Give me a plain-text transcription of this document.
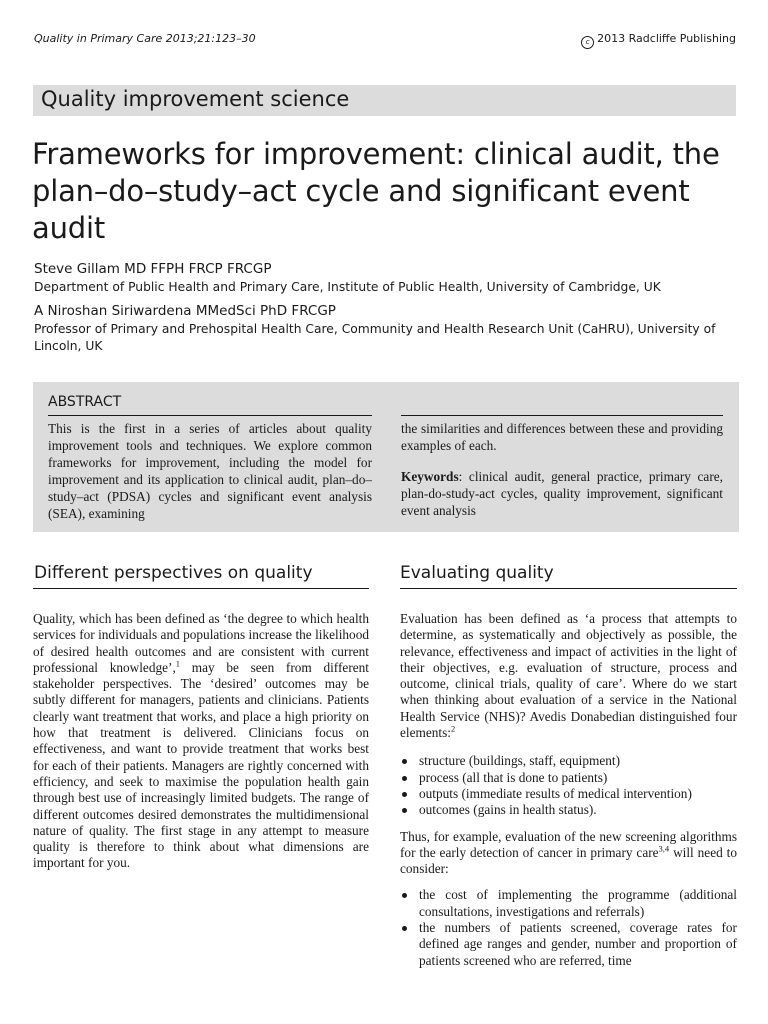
Quality in Primary Care 2013;21:123–30	c 2013 Radcliffe Publishing
Quality improvement science
Frameworks for improvement: clinical audit, the plan–do–study–act cycle and significant event audit
Steve Gillam MD FFPH FRCP FRCGP
Department of Public Health and Primary Care, Institute of Public Health, University of Cambridge, UK
A Niroshan Siriwardena MMedSci PhD FRCGP
Professor of Primary and Prehospital Health Care, Community and Health Research Unit (CaHRU), University of Lincoln, UK
ABSTRACT
This is the first in a series of articles about quality improvement tools and techniques. We explore common frameworks for improvement, including the model for improvement and its application to clinical audit, plan–do–study–act (PDSA) cycles and significant event analysis (SEA), examining
the similarities and differences between these and providing examples of each.
Keywords: clinical audit, general practice, primary care, plan-do-study-act cycles, quality improvement, significant event analysis
Different perspectives on quality

Quality, which has been defined as ‘the degree to which health services for individuals and populations increase the likelihood of desired health outcomes and are consistent with current professional knowledge’,$^1$ may be seen from different stakeholder perspectives. The ‘desired’ outcomes may be subtly different for managers, patients and clinicians. Patients clearly want treatment that works, and place a high priority on how that treatment is delivered. Clinicians focus on effectiveness, and want to provide treatment that works best for each of their patients. Managers are rightly concerned with efficiency, and seek to maximise the population health gain through best use of increasingly limited budgets. The range of different outcomes desired demonstrates the multidimensional nature of quality. The first stage in any attempt to measure quality is therefore to think about what dimensions are important for you.

Evaluating quality

Evaluation has been defined as ‘a process that attempts to determine, as systematically and objectively as possible, the relevance, effectiveness and impact of activities in the light of their objectives, e.g. evaluation of structure, process and outcome, clinical trials, quality of care’. Where do we start when thinking about evaluation of a service in the National Health Service (NHS)? Avedis Donabedian distinguished four elements:$^2$

structure (buildings, staff, equipment)
process (all that is done to patients)
outputs (immediate results of medical intervention)
outcomes (gains in health status).

Thus, for example, evaluation of the new screening algorithms for the early detection of cancer in primary care$^{3,4}$ will need to consider:

the cost of implementing the programme (additional consultations, investigations and referrals)
the numbers of patients screened, coverage rates for defined age ranges and gender, number and proportion of patients screened who are referred, time
